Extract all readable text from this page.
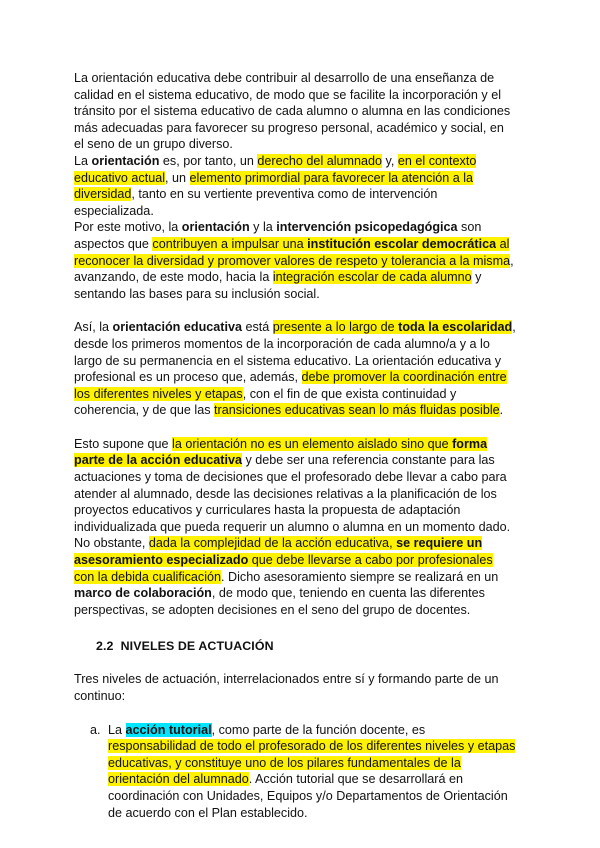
La orientación educativa debe contribuir al desarrollo de una enseñanza de calidad en el sistema educativo, de modo que se facilite la incorporación y el tránsito por el sistema educativo de cada alumno o alumna en las condiciones más adecuadas para favorecer su progreso personal, académico y social, en el seno de un grupo diverso.

La orientación es, por tanto, un derecho del alumnado y, en el contexto educativo actual, un elemento primordial para favorecer la atención a la diversidad, tanto en su vertiente preventiva como de intervención especializada.

Por este motivo, la orientación y la intervención psicopedagógica son aspectos que contribuyen a impulsar una institución escolar democrática al reconocer la diversidad y promover valores de respeto y tolerancia a la misma, avanzando, de este modo, hacia la integración escolar de cada alumno y sentando las bases para su inclusión social.

Así, la orientación educativa está presente a lo largo de toda la escolaridad, desde los primeros momentos de la incorporación de cada alumno/a y a lo largo de su permanencia en el sistema educativo. La orientación educativa y profesional es un proceso que, además, debe promover la coordinación entre los diferentes niveles y etapas, con el fin de que exista continuidad y coherencia, y de que las transiciones educativas sean lo más fluidas posible.

Esto supone que la orientación no es un elemento aislado sino que forma parte de la acción educativa y debe ser una referencia constante para las actuaciones y toma de decisiones que el profesorado debe llevar a cabo para atender al alumnado, desde las decisiones relativas a la planificación de los proyectos educativos y curriculares hasta la propuesta de adaptación individualizada que pueda requerir un alumno o alumna en un momento dado.

No obstante, dada la complejidad de la acción educativa, se requiere un asesoramiento especializado que debe llevarse a cabo por profesionales con la debida cualificación. Dicho asesoramiento siempre se realizará en un marco de colaboración, de modo que, teniendo en cuenta las diferentes perspectivas, se adopten decisiones en el seno del grupo de docentes.

2.2 NIVELES DE ACTUACIÓN

Tres niveles de actuación, interrelacionados entre sí y formando parte de un continuo:

a. La acción tutorial, como parte de la función docente, es responsabilidad de todo el profesorado de los diferentes niveles y etapas educativas, y constituye uno de los pilares fundamentales de la orientación del alumnado. Acción tutorial que se desarrollará en coordinación con Unidades, Equipos y/o Departamentos de Orientación de acuerdo con el Plan establecido.
